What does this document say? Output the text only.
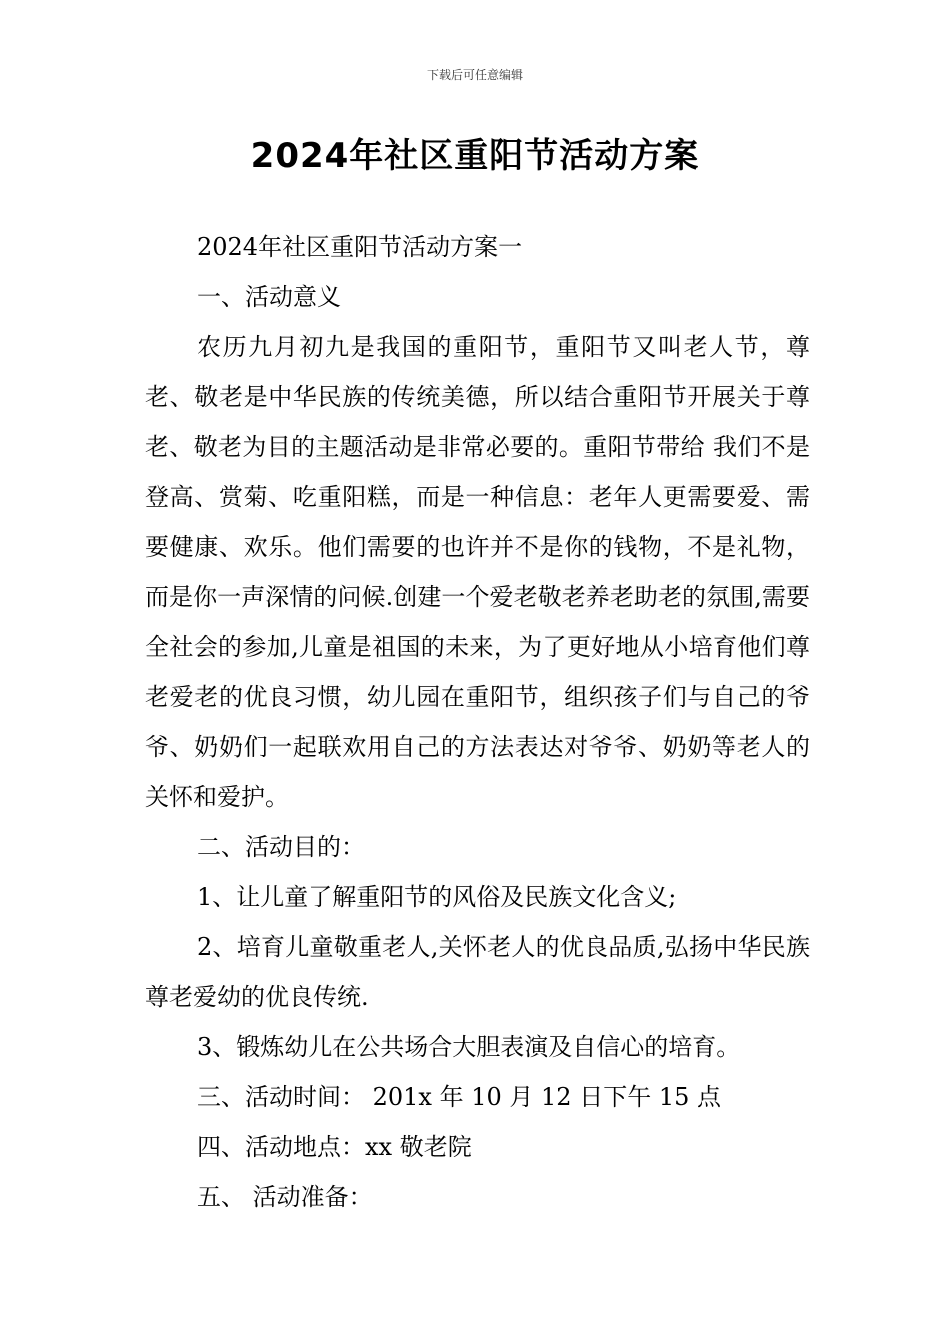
下载后可任意编辑
2024年社区重阳节活动方案

2024年社区重阳节活动方案一

一、活动意义

农历九月初九是我国的重阳节，重阳节又叫老人节，尊老、敬老是中华民族的传统美德，所以结合重阳节开展关于尊老、敬老为目的主题活动是非常必要的。重阳节带给 我们不是登高、赏菊、吃重阳糕，而是一种信息：老年人更需要爱、需要健康、欢乐。他们需要的也许并不是你的钱物，不是礼物，而是你一声深情的问候.创建一个爱老敬老养老助老的氛围,需要全社会的参加,儿童是祖国的未来，为了更好地从小培育他们尊老爱老的优良习惯，幼儿园在重阳节，组织孩子们与自己的爷爷、奶奶们一起联欢用自己的方法表达对爷爷、奶奶等老人的关怀和爱护。

二、活动目的：

1、让儿童了解重阳节的风俗及民族文化含义;

2、培育儿童敬重老人,关怀老人的优良品质,弘扬中华民族尊老爱幼的优良传统.

3、锻炼幼儿在公共场合大胆表演及自信心的培育。

三、活动时间： 201x 年 10 月 12 日下午 15 点

四、活动地点：xx 敬老院

五、 活动准备：
